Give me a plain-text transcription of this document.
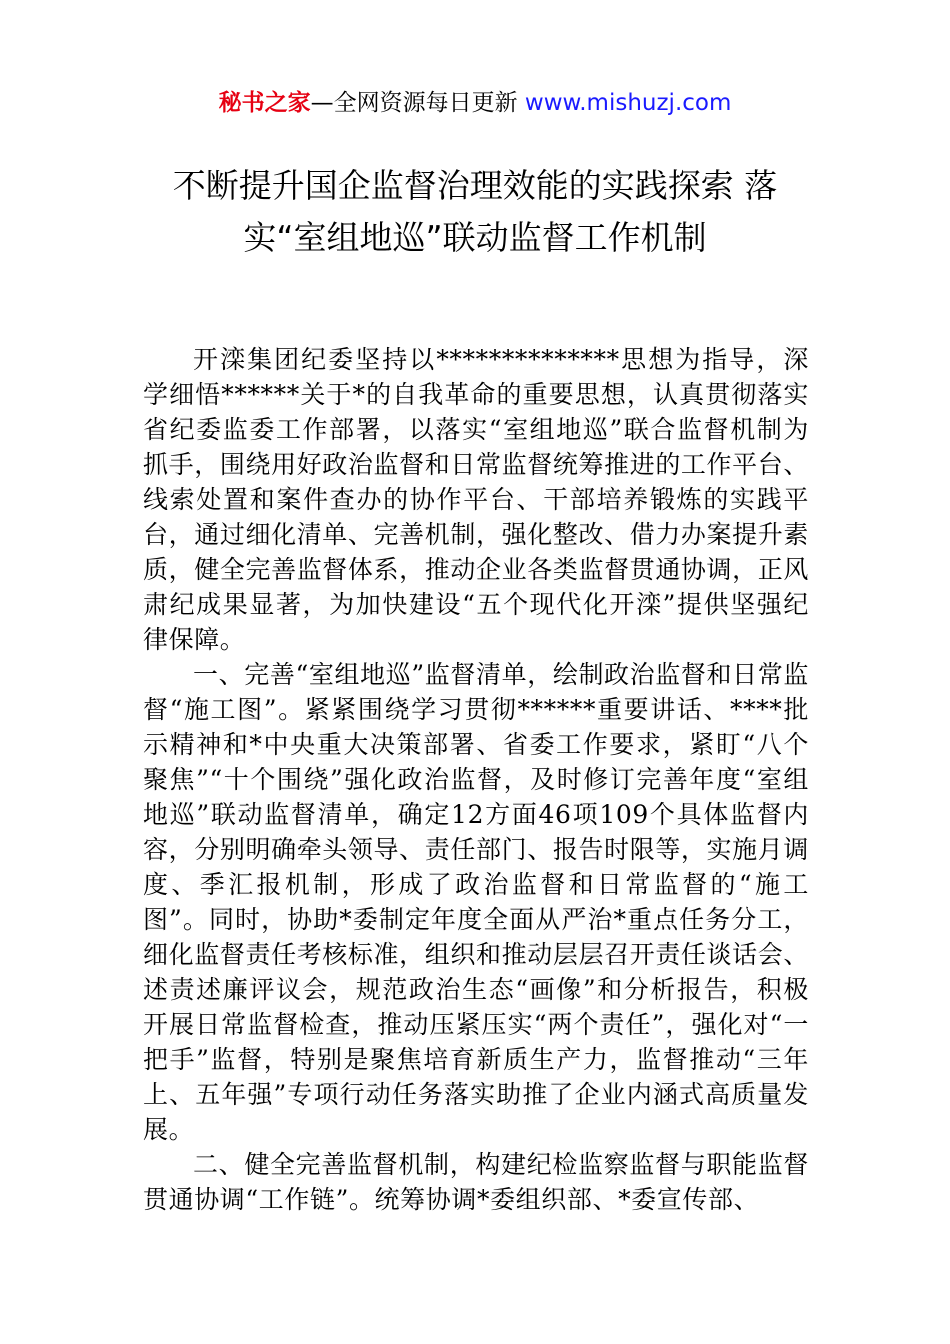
秘书之家—全网资源每日更新 www.mishuzj.com
不断提升国企监督治理效能的实践探索 落
实“室组地巡”联动监督工作机制

开滦集团纪委坚持以**************思想为指导，深学细悟******关于*的自我革命的重要思想，认真贯彻落实省纪委监委工作部署，以落实“室组地巡”联合监督机制为抓手，围绕用好政治监督和日常监督统筹推进的工作平台、线索处置和案件查办的协作平台、干部培养锻炼的实践平台，通过细化清单、完善机制，强化整改、借力办案提升素质，健全完善监督体系，推动企业各类监督贯通协调，正风肃纪成果显著，为加快建设“五个现代化开滦”提供坚强纪律保障。

一、完善“室组地巡”监督清单，绘制政治监督和日常监督“施工图”。紧紧围绕学习贯彻******重要讲话、****批示精神和*中央重大决策部署、省委工作要求，紧盯“八个聚焦”“十个围绕”强化政治监督，及时修订完善年度“室组地巡”联动监督清单，确定12方面46项109个具体监督内容，分别明确牵头领导、责任部门、报告时限等，实施月调度、季汇报机制，形成了政治监督和日常监督的“施工图”。同时，协助*委制定年度全面从严治*重点任务分工，细化监督责任考核标准，组织和推动层层召开责任谈话会、述责述廉评议会，规范政治生态“画像”和分析报告，积极开展日常监督检查，推动压紧压实“两个责任”，强化对“一把手”监督，特别是聚焦培育新质生产力，监督推动“三年上、五年强”专项行动任务落实助推了企业内涵式高质量发展。

二、健全完善监督机制，构建纪检监察监督与职能监督贯通协调“工作链”。统筹协调*委组织部、*委宣传部、
